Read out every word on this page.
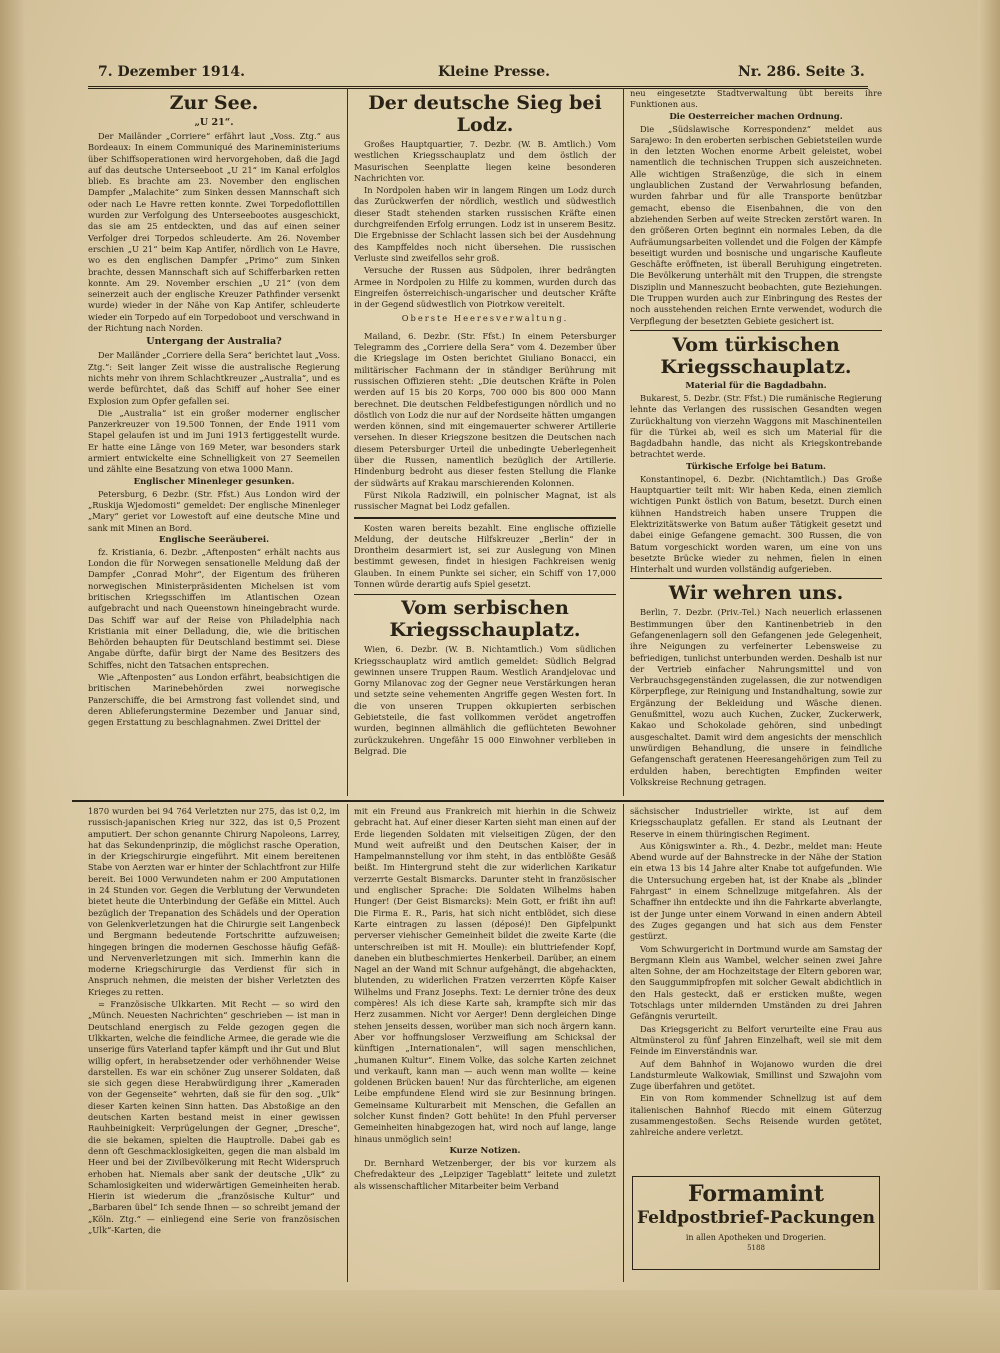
7. Dezember 1914.	Kleine Presse.	Nr. 286. Seite 3.
Zur See.
„U 21“.

Der Mailänder „Corriere“ erfährt laut „Voss. Ztg.“ aus Bordeaux: In einem Communiqué des Marineministeriums über Schiffsoperationen wird hervorgehoben, daß die Jagd auf das deutsche Unterseeboot „U 21“ im Kanal erfolglos blieb. Es brachte am 23. November den englischen Dampfer „Malachite“ zum Sinken dessen Mannschaft sich oder nach Le Havre retten konnte. Zwei Torpedoflottillen wurden zur Verfolgung des Unterseebootes ausgeschickt, das sie am 25 entdeckten, und das auf einen seiner Verfolger drei Torpedos schleuderte. Am 26. November erschien „U 21“ beim Kap Antifer, nördlich von Le Havre, wo es den englischen Dampfer „Primo“ zum Sinken brachte, dessen Mannschaft sich auf Schifferbarken retten konnte. Am 29. November erschien „U 21“ (von dem seinerzeit auch der englische Kreuzer Pathfinder versenkt wurde) wieder in der Nähe von Kap Antifer, schleuderte wieder ein Torpedo auf ein Torpedoboot und verschwand in der Richtung nach Norden.

Untergang der Australia?

Der Mailänder „Corriere della Sera“ berichtet laut „Voss. Ztg.“: Seit langer Zeit wisse die australische Regierung nichts mehr von ihrem Schlachtkreuzer „Australia“, und es werde befürchtet, daß das Schiff auf hoher See einer Explosion zum Opfer gefallen sei.

Die „Australia“ ist ein großer moderner englischer Panzerkreuzer von 19.500 Tonnen, der Ende 1911 vom Stapel gelaufen ist und im Juni 1913 fertiggestellt wurde. Er hatte eine Länge von 169 Meter, war besonders stark armiert entwickelte eine Schnelligkeit von 27 Seemeilen und zählte eine Besatzung von etwa 1000 Mann.

Englischer Minenleger gesunken.

Petersburg, 6 Dezbr. (Str. Ffst.) Aus London wird der „Ruskija Wjedomosti“ gemeldet: Der englische Minenleger „Mary“ geriet vor Lowestoft auf eine deutsche Mine und sank mit Minen an Bord.

Englische Seeräuberei.

fz. Kristiania, 6. Dezbr. „Aftenposten“ erhält nachts aus London die für Norwegen sensationelle Meldung daß der Dampfer „Conrad Mohr“, der Eigentum des früheren norwegischen Ministerpräsidenten Michelsen ist vom britischen Kriegsschiffen im Atlantischen Ozean aufgebracht und nach Queenstown hineingebracht wurde. Das Schiff war auf der Reise von Philadelphia nach Kristiania mit einer Delladung, die, wie die britischen Behörden behaupten für Deutschland bestimmt sei. Diese Angabe dürfte, dafür birgt der Name des Besitzers des Schiffes, nicht den Tatsachen entsprechen.

Wie „Aftenposten“ aus London erfährt, beabsichtigen die britischen Marinebehörden zwei norwegische Panzerschiffe, die bei Armstrong fast vollendet sind, und deren Ablieferungstermine Dezember und Januar sind, gegen Erstattung zu beschlagnahmen. Zwei Drittel der

Der deutsche Sieg bei Lodz.

Großes Hauptquartier, 7. Dezbr. (W. B. Amtlich.) Vom westlichen Kriegsschauplatz und dem östlich der Masurischen Seenplatte liegen keine besonderen Nachrichten vor.

In Nordpolen haben wir in langem Ringen um Lodz durch das Zurückwerfen der nördlich, westlich und südwestlich dieser Stadt stehenden starken russischen Kräfte einen durchgreifenden Erfolg errungen. Lodz ist in unserem Besitz. Die Ergebnisse der Schlacht lassen sich bei der Ausdehnung des Kampffeldes noch nicht übersehen. Die russischen Verluste sind zweifellos sehr groß.

Versuche der Russen aus Südpolen, ihrer bedrängten Armee in Nordpolen zu Hilfe zu kommen, wurden durch das Eingreifen österreichisch-ungarischer und deutscher Kräfte in der Gegend südwestlich von Piotrkow vereitelt.

Oberste Heeresverwaltung.

Mailand, 6. Dezbr. (Str. Ffst.) In einem Petersburger Telegramm des „Corriere della Sera“ vom 4. Dezember über die Kriegslage im Osten berichtet Giuliano Bonacci, ein militärischer Fachmann der in ständiger Berührung mit russischen Offizieren steht: „Die deutschen Kräfte in Polen werden auf 15 bis 20 Korps, 700 000 bis 800 000 Mann berechnet. Die deutschen Feldbefestigungen nördlich und no döstlich von Lodz die nur auf der Nordseite hätten umgangen werden können, sind mit eingemauerter schwerer Artillerie versehen. In dieser Kriegszone besitzen die Deutschen nach diesem Petersburger Urteil die unbedingte Ueberlegenheit über die Russen, namentlich bezüglich der Artillerie. Hindenburg bedroht aus dieser festen Stellung die Flanke der südwärts auf Krakau marschierenden Kolonnen.

Fürst Nikola Radziwill, ein polnischer Magnat, ist als russischer Magnat bei Lodz gefallen.

Kosten waren bereits bezahlt. Eine englische offizielle Meldung, der deutsche Hilfskreuzer „Berlin“ der in Drontheim desarmiert ist, sei zur Auslegung von Minen bestimmt gewesen, findet in hiesigen Fachkreisen wenig Glauben. In einem Punkte sei sicher, ein Schiff von 17,000 Tonnen würde derartig aufs Spiel gesetzt.

Vom serbischen Kriegsschauplatz.

Wien, 6. Dezbr. (W. B. Nichtamtlich.) Vom südlichen Kriegsschauplatz wird amtlich gemeldet: Südlich Belgrad gewinnen unsere Truppen Raum. Westlich Arandjelovac und Gorny Milanovac zog der Gegner neue Verstärkungen heran und setzte seine vehementen Angriffe gegen Westen fort. In die von unseren Truppen okkupierten serbischen Gebietsteile, die fast vollkommen verödet angetroffen wurden, beginnen allmählich die geflüchteten Bewohner zurückzukehren. Ungefähr 15 000 Einwohner verblieben in Belgrad. Die

neu eingesetzte Stadtverwaltung übt bereits ihre Funktionen aus.

Die Oesterreicher machen Ordnung.

Die „Südslawische Korrespondenz“ meldet aus Sarajewo: In den eroberten serbischen Gebietsteilen wurde in den letzten Wochen enorme Arbeit geleistet, wobei namentlich die technischen Truppen sich auszeichneten. Alle wichtigen Straßenzüge, die sich in einem unglaublichen Zustand der Verwahrlosung befanden, wurden fahrbar und für alle Transporte benützbar gemacht, ebenso die Eisenbahnen, die von den abziehenden Serben auf weite Strecken zerstört waren. In den größeren Orten beginnt ein normales Leben, da die Aufräumungsarbeiten vollendet und die Folgen der Kämpfe beseitigt wurden und bosnische und ungarische Kaufleute Geschäfte eröffneten, ist überall Beruhigung eingetreten. Die Bevölkerung unterhält mit den Truppen, die strengste Disziplin und Manneszucht beobachten, gute Beziehungen. Die Truppen wurden auch zur Einbringung des Restes der noch ausstehenden reichen Ernte verwendet, wodurch die Verpflegung der besetzten Gebiete gesichert ist.

Vom türkischen Kriegsschauplatz.
Material für die Bagdadbahn.

Bukarest, 5. Dezbr. (Str. Ffst.) Die rumänische Regierung lehnte das Verlangen des russischen Gesandten wegen Zurückhaltung von vierzehn Waggons mit Maschinenteilen für die Türkei ab, weil es sich um Material für die Bagdadbahn handle, das nicht als Kriegskontrebande betrachtet werde.

Türkische Erfolge bei Batum.

Konstantinopel, 6. Dezbr. (Nichtamtlich.) Das Große Hauptquartier teilt mit: Wir haben Keda, einen ziemlich wichtigen Punkt östlich von Batum, besetzt. Durch einen kühnen Handstreich haben unsere Truppen die Elektrizitätswerke von Batum außer Tätigkeit gesetzt und dabei einige Gefangene gemacht. 300 Russen, die von Batum vorgeschickt worden waren, um eine von uns besetzte Brücke wieder zu nehmen, fielen in einen Hinterhalt und wurden vollständig aufgerieben.

Wir wehren uns.

Berlin, 7. Dezbr. (Priv.-Tel.) Nach neuerlich erlassenen Bestimmungen über den Kantinenbetrieb in den Gefangenenlagern soll den Gefangenen jede Gelegenheit, ihre Neigungen zu verfeinerter Lebensweise zu befriedigen, tunlichst unterbunden werden. Deshalb ist nur der Vertrieb einfacher Nahrungsmittel und von Verbrauchsgegenständen zugelassen, die zur notwendigen Körperpflege, zur Reinigung und Instandhaltung, sowie zur Ergänzung der Bekleidung und Wäsche dienen. Genußmittel, wozu auch Kuchen, Zucker, Zuckerwerk, Kakao und Schokolade gehören, sind unbedingt ausgeschaltet. Damit wird dem angesichts der menschlich unwürdigen Behandlung, die unsere in feindliche Gefangenschaft geratenen Heeresangehörigen zum Teil zu erdulden haben, berechtigten Empfinden weiter Volkskreise Rechnung getragen.

1870 wurden bei 94 764 Verletzten nur 275, das ist 0,2, im russisch-japanischen Krieg nur 322, das ist 0,5 Prozent amputiert. Der schon genannte Chirurg Napoleons, Larrey, hat das Sekundenprinzip, die möglichst rasche Operation, in der Kriegschirurgie eingeführt. Mit einem bereitenen Stabe von Aerzten war er hinter der Schlachtfront zur Hilfe bereit. Bei 1000 Verwundeten nahm er 200 Amputationen in 24 Stunden vor. Gegen die Verblutung der Verwundeten bietet heute die Unterbindung der Gefäße ein Mittel. Auch bezüglich der Trepanation des Schädels und der Operation von Gelenkverletzungen hat die Chirurgie seit Langenbeck und Bergmann bedeutende Fortschritte aufzuweisen; hingegen bringen die modernen Geschosse häufig Gefäß- und Nervenverletzungen mit sich. Immerhin kann die moderne Kriegschirurgie das Verdienst für sich in Anspruch nehmen, die meisten der bisher Verletzten des Krieges zu retten.

= Französische Ulkkarten. Mit Recht — so wird den „Münch. Neuesten Nachrichten“ geschrieben — ist man in Deutschland energisch zu Felde gezogen gegen die Ulkkarten, welche die feindliche Armee, die gerade wie die unserige fürs Vaterland tapfer kämpft und ihr Gut und Blut willig opfert, in herabsetzender oder verhöhnender Weise darstellen. Es war ein schöner Zug unserer Soldaten, daß sie sich gegen diese Herabwürdigung ihrer „Kameraden von der Gegenseite“ wehrten, daß sie für den sog. „Ulk“ dieser Karten keinen Sinn hatten. Das Abstoßige an den deutschen Karten bestand meist in einer gewissen Rauhbeinigkeit: Verprügelungen der Gegner, „Dresche“, die sie bekamen, spielten die Hauptrolle. Dabei gab es denn oft Geschmacklosigkeiten, gegen die man alsbald im Heer und bei der Zivilbevölkerung mit Recht Widerspruch erhoben hat. Niemals aber sank der deutsche „Ulk“ zu Schamlosigkeiten und widerwärtigen Gemeinheiten herab. Hierin ist wiederum die „französische Kultur“ und „Barbaren übel“ Ich sende Ihnen — so schreibt jemand der „Köln. Ztg.“ — einliegend eine Serie von französischen „Ulk“-Karten, die

mit ein Freund aus Frankreich mit hierhin in die Schweiz gebracht hat. Auf einer dieser Karten sieht man einen auf der Erde liegenden Soldaten mit vielseitigen Zügen, der den Mund weit aufreißt und den Deutschen Kaiser, der in Hampelmannstellung vor ihm steht, in das entblößte Gesäß beißt. Im Hintergrund steht die zur widerlichen Karikatur verzerrte Gestalt Bismarcks. Darunter steht in französischer und englischer Sprache: Die Soldaten Wilhelms haben Hunger! (Der Geist Bismarcks): Mein Gott, er frißt ihn auf! Die Firma E. R., Paris, hat sich nicht entblödet, sich diese Karte eintragen zu lassen (déposé)! Den Gipfelpunkt perverser viehischer Gemeinheit bildet die zweite Karte (die unterschreiben ist mit H. Moulle): ein bluttriefender Kopf, daneben ein blutbeschmiertes Henkerbeil. Darüber, an einem Nagel an der Wand mit Schnur aufgehängt, die abgehackten, blutenden, zu widerlichen Fratzen verzerrten Köpfe Kaiser Wilhelms und Franz Josephs. Text: Le dernier trône des deux compères! Als ich diese Karte sah, krampfte sich mir das Herz zusammen. Nicht vor Aerger! Denn dergleichen Dinge stehen jenseits dessen, worüber man sich noch ärgern kann. Aber vor hoffnungsloser Verzweiflung am Schicksal der künftigen „Internationalen“, will sagen menschlichen, „humanen Kultur“. Einem Volke, das solche Karten zeichnet und verkauft, kann man — auch wenn man wollte — keine goldenen Brücken bauen! Nur das fürchterliche, am eigenen Leibe empfundene Elend wird sie zur Besinnung bringen. Gemeinsame Kulturarbeit mit Menschen, die Gefallen an solcher Kunst finden? Gott behüte! In den Pfuhl perverser Gemeinheiten hinabgezogen hat, wird noch auf lange, lange hinaus unmöglich sein!

Kurze Notizen.

Dr. Bernhard Wetzenberger, der bis vor kurzem als Chefredakteur des „Leipziger Tageblatt“ leitete und zuletzt als wissenschaftlicher Mitarbeiter beim Verband

sächsischer Industrieller wirkte, ist auf dem Kriegsschauplatz gefallen. Er stand als Leutnant der Reserve in einem thüringischen Regiment.

Aus Königswinter a. Rh., 4. Dezbr., meldet man: Heute Abend wurde auf der Bahnstrecke in der Nähe der Station ein etwa 13 bis 14 Jahre alter Knabe tot aufgefunden. Wie die Untersuchung ergeben hat, ist der Knabe als „blinder Fahrgast“ in einem Schnellzuge mitgefahren. Als der Schaffner ihn entdeckte und ihn die Fahrkarte abverlangte, ist der Junge unter einem Vorwand in einen andern Abteil des Zuges gegangen und hat sich aus dem Fenster gestürzt.

Vom Schwurgericht in Dortmund wurde am Samstag der Bergmann Klein aus Wambel, welcher seinen zwei Jahre alten Sohne, der am Hochzeitstage der Eltern geboren war, den Sauggummipfropfen mit solcher Gewalt abdichtlich in den Hals gesteckt, daß er ersticken mußte, wegen Totschlags unter mildernden Umständen zu drei Jahren Gefängnis verurteilt.

Das Kriegsgericht zu Belfort verurteilte eine Frau aus Altmünsterol zu fünf Jahren Einzelhaft, weil sie mit dem Feinde im Einverständnis war.

Auf dem Bahnhof in Wojanowo wurden die drei Landsturmleute Walkowiak, Smillinst und Szwajohn vom Zuge überfahren und getötet.

Ein von Rom kommender Schnellzug ist auf dem italienischen Bahnhof Riecdo mit einem Güterzug zusammengestoßen. Sechs Reisende wurden getötet, zahlreiche andere verletzt.

Formamint
Feldpostbrief-Packungen
in allen Apotheken und Drogerien.
5188
